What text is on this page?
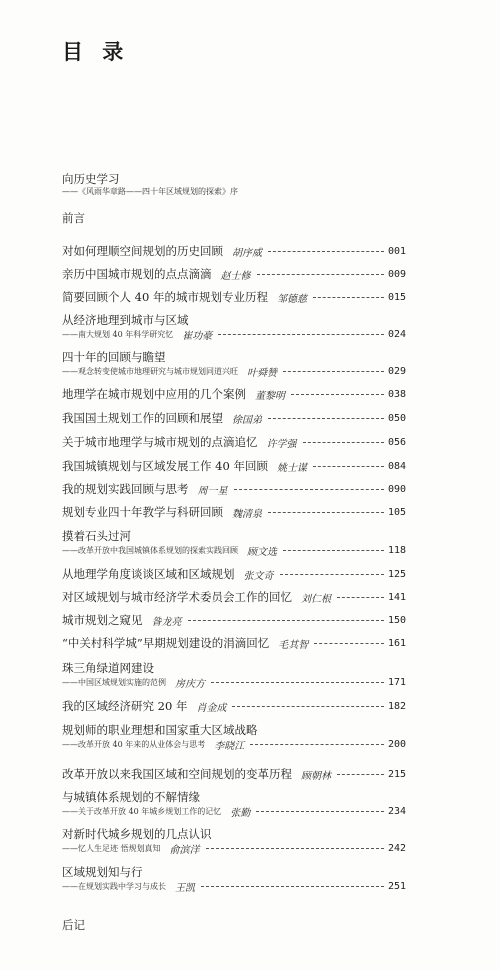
目 录
向历史学习
——《风雨华章路——四十年区域规划的探索》序
前言
对如何理顺空间规划的历史回顾 胡序威	001
亲历中国城市规划的点点滴滴 赵士修	009
简要回顾个人 40 年的城市规划专业历程 邹德慈	015
从经济地理到城市与区域
——南大规划 40 年科学研究忆 崔功豪	024
四十年的回顾与瞻望
——观念转变使城市地理研究与城市规划同道兴旺 叶舜赞	029
地理学在城市规划中应用的几个案例 董黎明	038
我国国土规划工作的回顾和展望 徐国弟	050
关于城市地理学与城市规划的点滴追忆 许学强	056
我国城镇规划与区域发展工作 40 年回顾 姚士谋	084
我的规划实践回顾与思考 周一星	090
规划专业四十年教学与科研回顾 魏清泉	105
摸着石头过河
——改革开放中我国城镇体系规划的探索实践回顾 顾文选	118
从地理学角度谈谈区域和区域规划 张文奇	125
对区域规划与城市经济学术委员会工作的回忆 刘仁根	141
城市规划之窥见 昝龙亮	150
“中关村科学城”早期规划建设的涓滴回忆 毛其智	161
珠三角绿道网建设
——中国区域规划实施的范例 房庆方	171
我的区域经济研究 20 年 肖金成	182
规划师的职业理想和国家重大区域战略
——改革开放 40 年来的从业体会与思考 李晓江	200
改革开放以来我国区域和空间规划的变革历程 顾朝林	215
与城镇体系规划的不解情缘
——关于改革开放 40 年城乡规划工作的记忆 张勤	234
对新时代城乡规划的几点认识
——忆人生足迹 悟规划真知 俞滨洋	242
区域规划知与行
——在规划实践中学习与成长 王凯	251
后记
